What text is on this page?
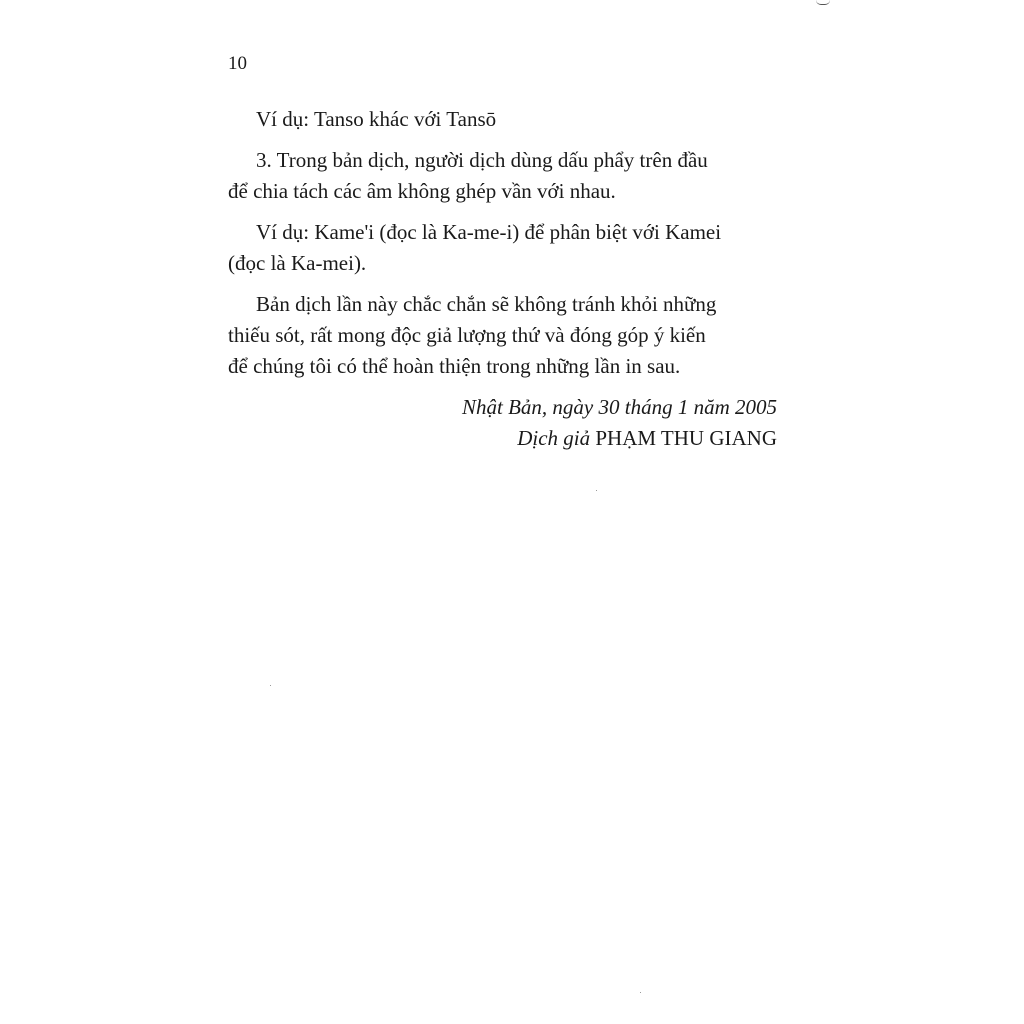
10

Ví dụ: Tanso khác với Tansō

3. Trong bản dịch, người dịch dùng dấu phẩy trên đầu
để chia tách các âm không ghép vần với nhau.

Ví dụ: Kame'i (đọc là Ka-me-i) để phân biệt với Kamei
(đọc là Ka-mei).

Bản dịch lần này chắc chắn sẽ không tránh khỏi những
thiếu sót, rất mong độc giả lượng thứ và đóng góp ý kiến
để chúng tôi có thể hoàn thiện trong những lần in sau.

Nhật Bản, ngày 30 tháng 1 năm 2005
Dịch giả PHẠM THU GIANG
